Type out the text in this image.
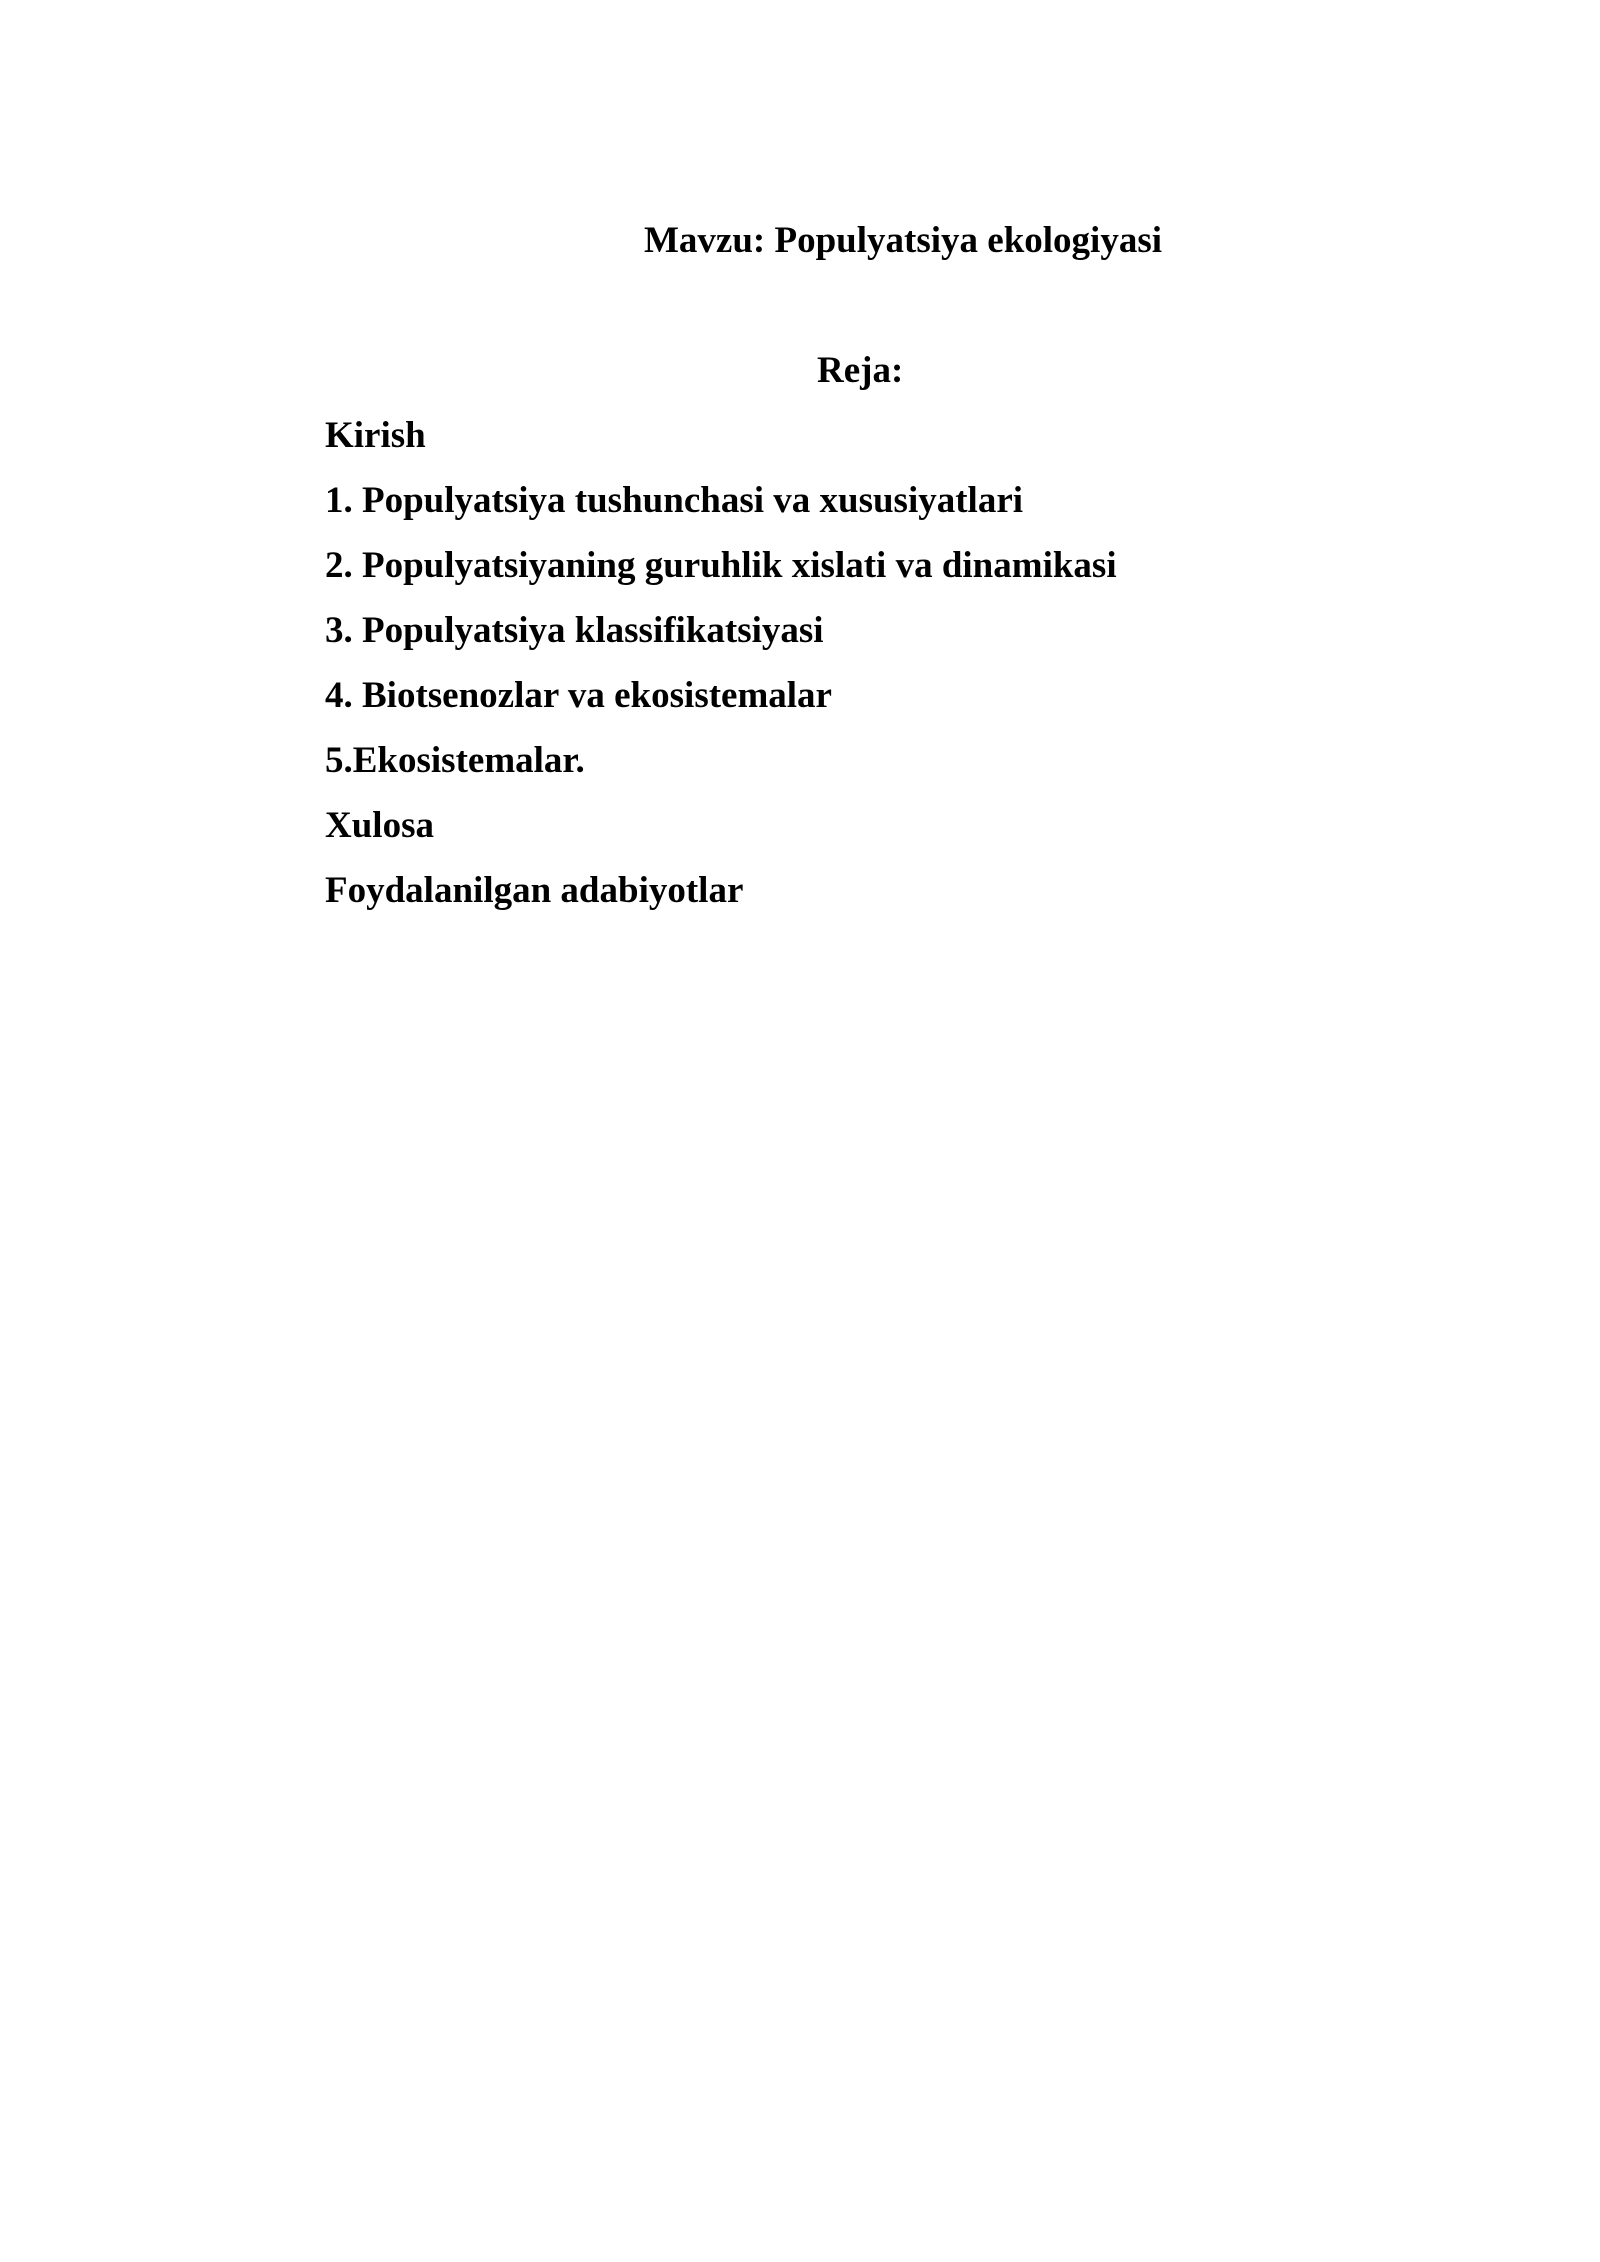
Mavzu: Populyatsiya ekologiyasi
Reja:
Kirish
1. Populyatsiya tushunchasi va xususiyatlari
2. Populyatsiyaning guruhlik xislati va dinamikasi
3. Populyatsiya klassifikatsiyasi
4. Biotsenozlar va ekosistemalar
5.Ekosistemalar.
Xulosa
Foydalanilgan adabiyotlar
